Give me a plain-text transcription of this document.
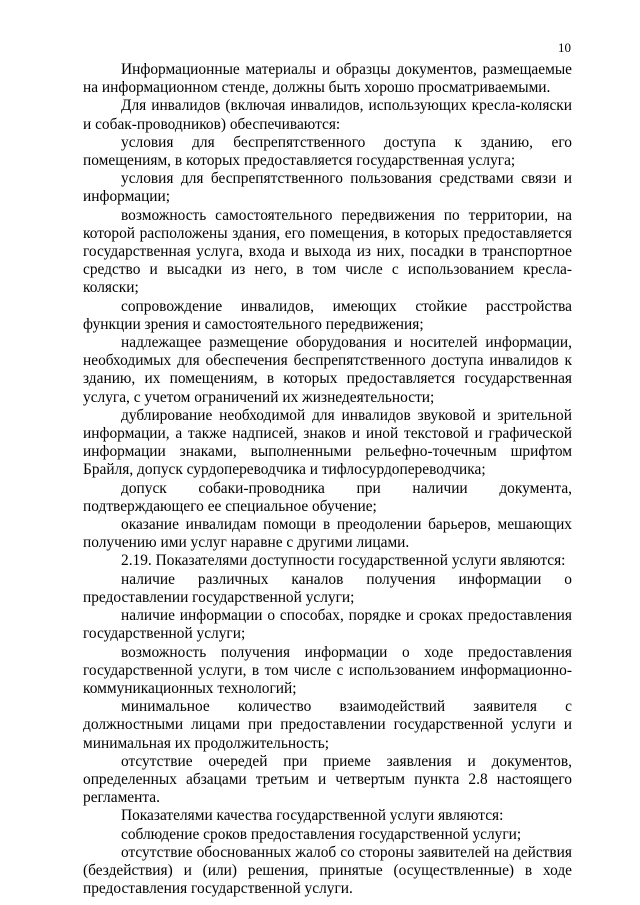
10

Информационные материалы и образцы документов, размещаемые на информационном стенде, должны быть хорошо просматриваемыми.

Для инвалидов (включая инвалидов, использующих кресла-коляски и собак-проводников) обеспечиваются:

условия для беспрепятственного доступа к зданию, его помещениям, в которых предоставляется государственная услуга;

условия для беспрепятственного пользования средствами связи и информации;

возможность самостоятельного передвижения по территории, на которой расположены здания, его помещения, в которых предоставляется государственная услуга, входа и выхода из них, посадки в транспортное средство и высадки из него, в том числе с использованием кресла-коляски;

сопровождение инвалидов, имеющих стойкие расстройства функции зрения и самостоятельного передвижения;

надлежащее размещение оборудования и носителей информации, необходимых для обеспечения беспрепятственного доступа инвалидов к зданию, их помещениям, в которых предоставляется государственная услуга, с учетом ограничений их жизнедеятельности;

дублирование необходимой для инвалидов звуковой и зрительной информации, а также надписей, знаков и иной текстовой и графической информации знаками, выполненными рельефно-точечным шрифтом Брайля, допуск сурдопереводчика и тифлосурдопереводчика;

допуск собаки-проводника при наличии документа, подтверждающего ее специальное обучение;

оказание инвалидам помощи в преодолении барьеров, мешающих получению ими услуг наравне с другими лицами.

2.19. Показателями доступности государственной услуги являются:

наличие различных каналов получения информации о предоставлении государственной услуги;

наличие информации о способах, порядке и сроках предоставления государственной услуги;

возможность получения информации о ходе предоставления государственной услуги, в том числе с использованием информационно-коммуникационных технологий;

минимальное количество взаимодействий заявителя с должностными лицами при предоставлении государственной услуги и минимальная их продолжительность;

отсутствие очередей при приеме заявления и документов, определенных абзацами третьим и четвертым пункта 2.8 настоящего регламента.

Показателями качества государственной услуги являются:

соблюдение сроков предоставления государственной услуги;

отсутствие обоснованных жалоб со стороны заявителей на действия (бездействия) и (или) решения, принятые (осуществленные) в ходе предоставления государственной услуги.
